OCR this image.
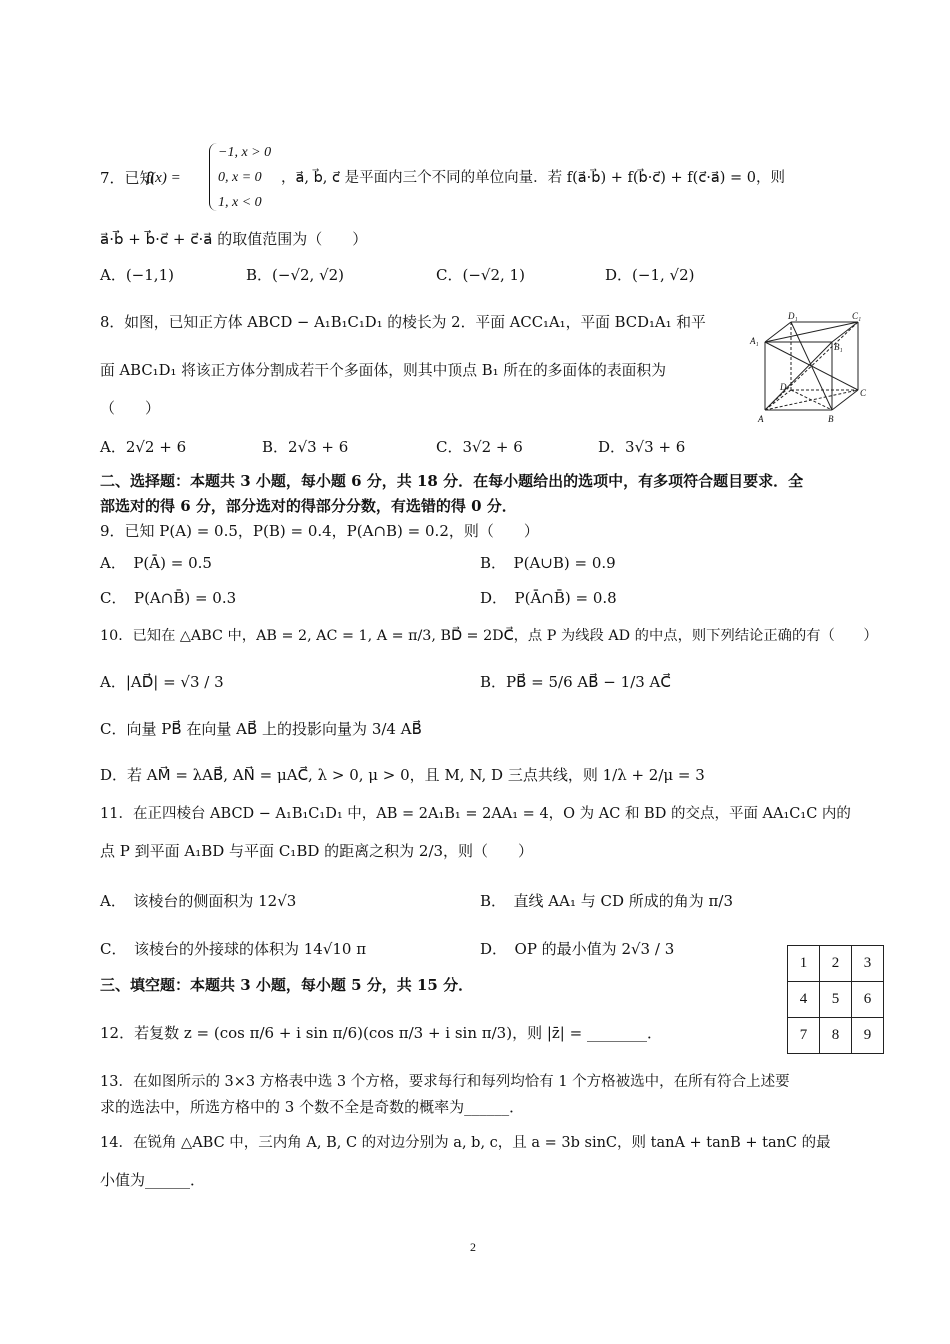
7．已知
f(x) =
−1, x > 0
0, x = 0
1, x < 0
，a⃗, b⃗, c⃗ 是平面内三个不同的单位向量．若 f(a⃗·b⃗) + f(b⃗·c⃗) + f(c⃗·a⃗) = 0，则
a⃗·b⃗ + b⃗·c⃗ + c⃗·a⃗ 的取值范围为（　　）
A．(−1,1)	B．(−√2, √2)	C．(−√2, 1)	D．(−1, √2)
8．如图，已知正方体 ABCD − A₁B₁C₁D₁ 的棱长为 2．平面 ACC₁A₁，平面 BCD₁A₁ 和平
面 ABC₁D₁ 将该正方体分割成若干个多面体，则其中顶点 B₁ 所在的多面体的表面积为
（　　）
A．2√2 + 6	B．2√3 + 6	C．3√2 + 6	D．3√3 + 6
D₁	C₁
A₁
B₁
D
C
A	B
二、选择题：本题共 3 小题，每小题 6 分，共 18 分．在每小题给出的选项中，有多项符合题目要求．全
部选对的得 6 分，部分选对的得部分分数，有选错的得 0 分．
9．已知 P(A) = 0.5，P(B) = 0.4，P(A∩B) = 0.2，则（　　）
A．　P(Ā) = 0.5	B．　P(A∪B) = 0.9
C．　P(A∩B̄) = 0.3	D．　P(Ā∩B̄) = 0.8
10．已知在 △ABC 中，AB = 2, AC = 1, A = π/3, BD⃗ = 2DC⃗，点 P 为线段 AD 的中点，则下列结论正确的有（　　）
A．|AD⃗| = √3 / 3	B．PB⃗ = 5/6 AB⃗ − 1/3 AC⃗
C．向量 PB⃗ 在向量 AB⃗ 上的投影向量为 3/4 AB⃗
D．若 AM⃗ = λAB⃗, AN⃗ = μAC⃗, λ > 0, μ > 0，且 M, N, D 三点共线，则 1/λ + 2/μ = 3
11．在正四棱台 ABCD − A₁B₁C₁D₁ 中，AB = 2A₁B₁ = 2AA₁ = 4，O 为 AC 和 BD 的交点，平面 AA₁C₁C 内的
点 P 到平面 A₁BD 与平面 C₁BD 的距离之积为 2/3，则（　　）
A．　该棱台的侧面积为 12√3	B．　直线 AA₁ 与 CD 所成的角为 π/3
C．　该棱台的外接球的体积为 14√10 π	D．　OP 的最小值为 2√3 / 3
1	2	3
4	5	6
7	8	9
三、填空题：本题共 3 小题，每小题 5 分，共 15 分．
12．若复数 z = (cos π/6 + i sin π/6)(cos π/3 + i sin π/3)，则 |z̄| = ________．
13．在如图所示的 3×3 方格表中选 3 个方格，要求每行和每列均恰有 1 个方格被选中，在所有符合上述要
求的选法中，所选方格中的 3 个数不全是奇数的概率为______．
14．在锐角 △ABC 中，三内角 A, B, C 的对边分别为 a, b, c，且 a = 3b sinC，则 tanA + tanB + tanC 的最
小值为______．
2
